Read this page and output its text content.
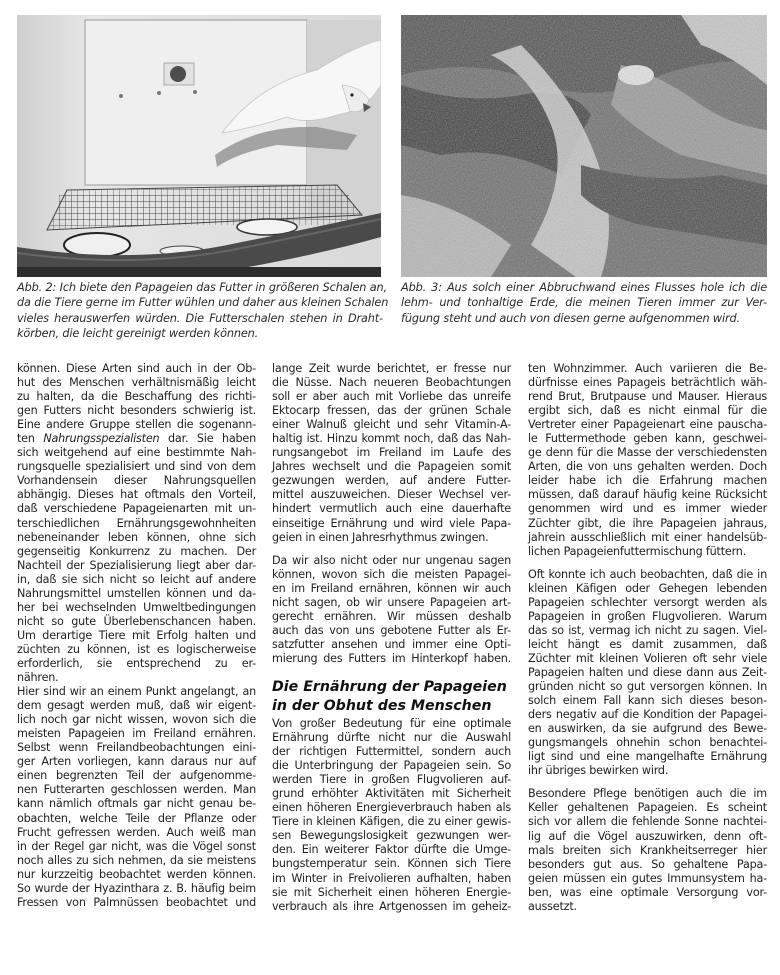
Abb. 2: Ich biete den Papageien das Futter in größeren Schalen an,
da die Tiere gerne im Futter wühlen und daher aus kleinen Schalen
vieles herauswerfen würden. Die Futterschalen stehen in Draht-
körben, die leicht gereinigt werden können.
Abb. 3: Aus solch einer Abbruchwand eines Flusses hole ich die
lehm- und tonhaltige Erde, die meinen Tieren immer zur Ver-
fügung steht und auch von diesen gerne aufgenommen wird.
können. Diese Arten sind auch in der Ob-
hut des Menschen verhältnismäßig leicht
zu halten, da die Beschaffung des richti-
gen Futters nicht besonders schwierig ist.
Eine andere Gruppe stellen die sogenann-
ten Nahrungsspezialisten dar. Sie haben
sich weitgehend auf eine bestimmte Nah-
rungsquelle spezialisiert und sind von dem
Vorhandensein dieser Nahrungsquellen
abhängig. Dieses hat oftmals den Vorteil,
daß verschiedene Papageienarten mit un-
terschiedlichen Ernährungsgewohnheiten
nebeneinander leben können, ohne sich
gegenseitig Konkurrenz zu machen. Der
Nachteil der Spezialisierung liegt aber dar-
in, daß sie sich nicht so leicht auf andere
Nahrungsmittel umstellen können und da-
her bei wechselnden Umweltbedingungen
nicht so gute Überlebenschancen haben.
Um derartige Tiere mit Erfolg halten und
züchten zu können, ist es logischerweise
erforderlich, sie entsprechend zu er-
nähren.
Hier sind wir an einem Punkt angelangt, an
dem gesagt werden muß, daß wir eigent-
lich noch gar nicht wissen, wovon sich die
meisten Papageien im Freiland ernähren.
Selbst wenn Freilandbeobachtungen eini-
ger Arten vorliegen, kann daraus nur auf
einen begrenzten Teil der aufgenomme-
nen Futterarten geschlossen werden. Man
kann nämlich oftmals gar nicht genau be-
obachten, welche Teile der Pflanze oder
Frucht gefressen werden. Auch weiß man
in der Regel gar nicht, was die Vögel sonst
noch alles zu sich nehmen, da sie meistens
nur kurzzeitig beobachtet werden können.
So wurde der Hyazinthara z. B. häufig beim
Fressen von Palmnüssen beobachtet und
lange Zeit wurde berichtet, er fresse nur
die Nüsse. Nach neueren Beobachtungen
soll er aber auch mit Vorliebe das unreife
Ektocarp fressen, das der grünen Schale
einer Walnuß gleicht und sehr Vitamin-A-
haltig ist. Hinzu kommt noch, daß das Nah-
rungsangebot im Freiland im Laufe des
Jahres wechselt und die Papageien somit
gezwungen werden, auf andere Futter-
mittel auszuweichen. Dieser Wechsel ver-
hindert vermutlich auch eine dauerhafte
einseitige Ernährung und wird viele Papa-
geien in einen Jahresrhythmus zwingen.
Da wir also nicht oder nur ungenau sagen
können, wovon sich die meisten Papagei-
en im Freiland ernähren, können wir auch
nicht sagen, ob wir unsere Papageien art-
gerecht ernähren. Wir müssen deshalb
auch das von uns gebotene Futter als Er-
satzfutter ansehen und immer eine Opti-
mierung des Futters im Hinterkopf haben.
Die Ernährung der Papageien
in der Obhut des Menschen
Von großer Bedeutung für eine optimale
Ernährung dürfte nicht nur die Auswahl
der richtigen Futtermittel, sondern auch
die Unterbringung der Papageien sein. So
werden Tiere in großen Flugvolieren auf-
grund erhöhter Aktivitäten mit Sicherheit
einen höheren Energieverbrauch haben als
Tiere in kleinen Käfigen, die zu einer gewis-
sen Bewegungslosigkeit gezwungen wer-
den. Ein weiterer Faktor dürfte die Umge-
bungstemperatur sein. Können sich Tiere
im Winter in Freivolieren aufhalten, haben
sie mit Sicherheit einen höheren Energie-
verbrauch als ihre Artgenossen im geheiz-
ten Wohnzimmer. Auch variieren die Be-
dürfnisse eines Papageis beträchtlich wäh-
rend Brut, Brutpause und Mauser. Hieraus
ergibt sich, daß es nicht einmal für die
Vertreter einer Papageienart eine pauscha-
le Futtermethode geben kann, geschwei-
ge denn für die Masse der verschiedensten
Arten, die von uns gehalten werden. Doch
leider habe ich die Erfahrung machen
müssen, daß darauf häufig keine Rücksicht
genommen wird und es immer wieder
Züchter gibt, die ihre Papageien jahraus,
jahrein ausschließlich mit einer handelsüb-
lichen Papageienfuttermischung füttern.
Oft konnte ich auch beobachten, daß die in
kleinen Käfigen oder Gehegen lebenden
Papageien schlechter versorgt werden als
Papageien in großen Flugvolieren. Warum
das so ist, vermag ich nicht zu sagen. Viel-
leicht hängt es damit zusammen, daß
Züchter mit kleinen Volieren oft sehr viele
Papageien halten und diese dann aus Zeit-
gründen nicht so gut versorgen können. In
solch einem Fall kann sich dieses beson-
ders negativ auf die Kondition der Papagei-
en auswirken, da sie aufgrund des Bewe-
gungsmangels ohnehin schon benachtei-
ligt sind und eine mangelhafte Ernährung
ihr übriges bewirken wird.
Besondere Pflege benötigen auch die im
Keller gehaltenen Papageien. Es scheint
sich vor allem die fehlende Sonne nachtei-
lig auf die Vögel auszuwirken, denn oft-
mals breiten sich Krankheitserreger hier
besonders gut aus. So gehaltene Papa-
geien müssen ein gutes Immunsystem ha-
ben, was eine optimale Versorgung vor-
aussetzt.
